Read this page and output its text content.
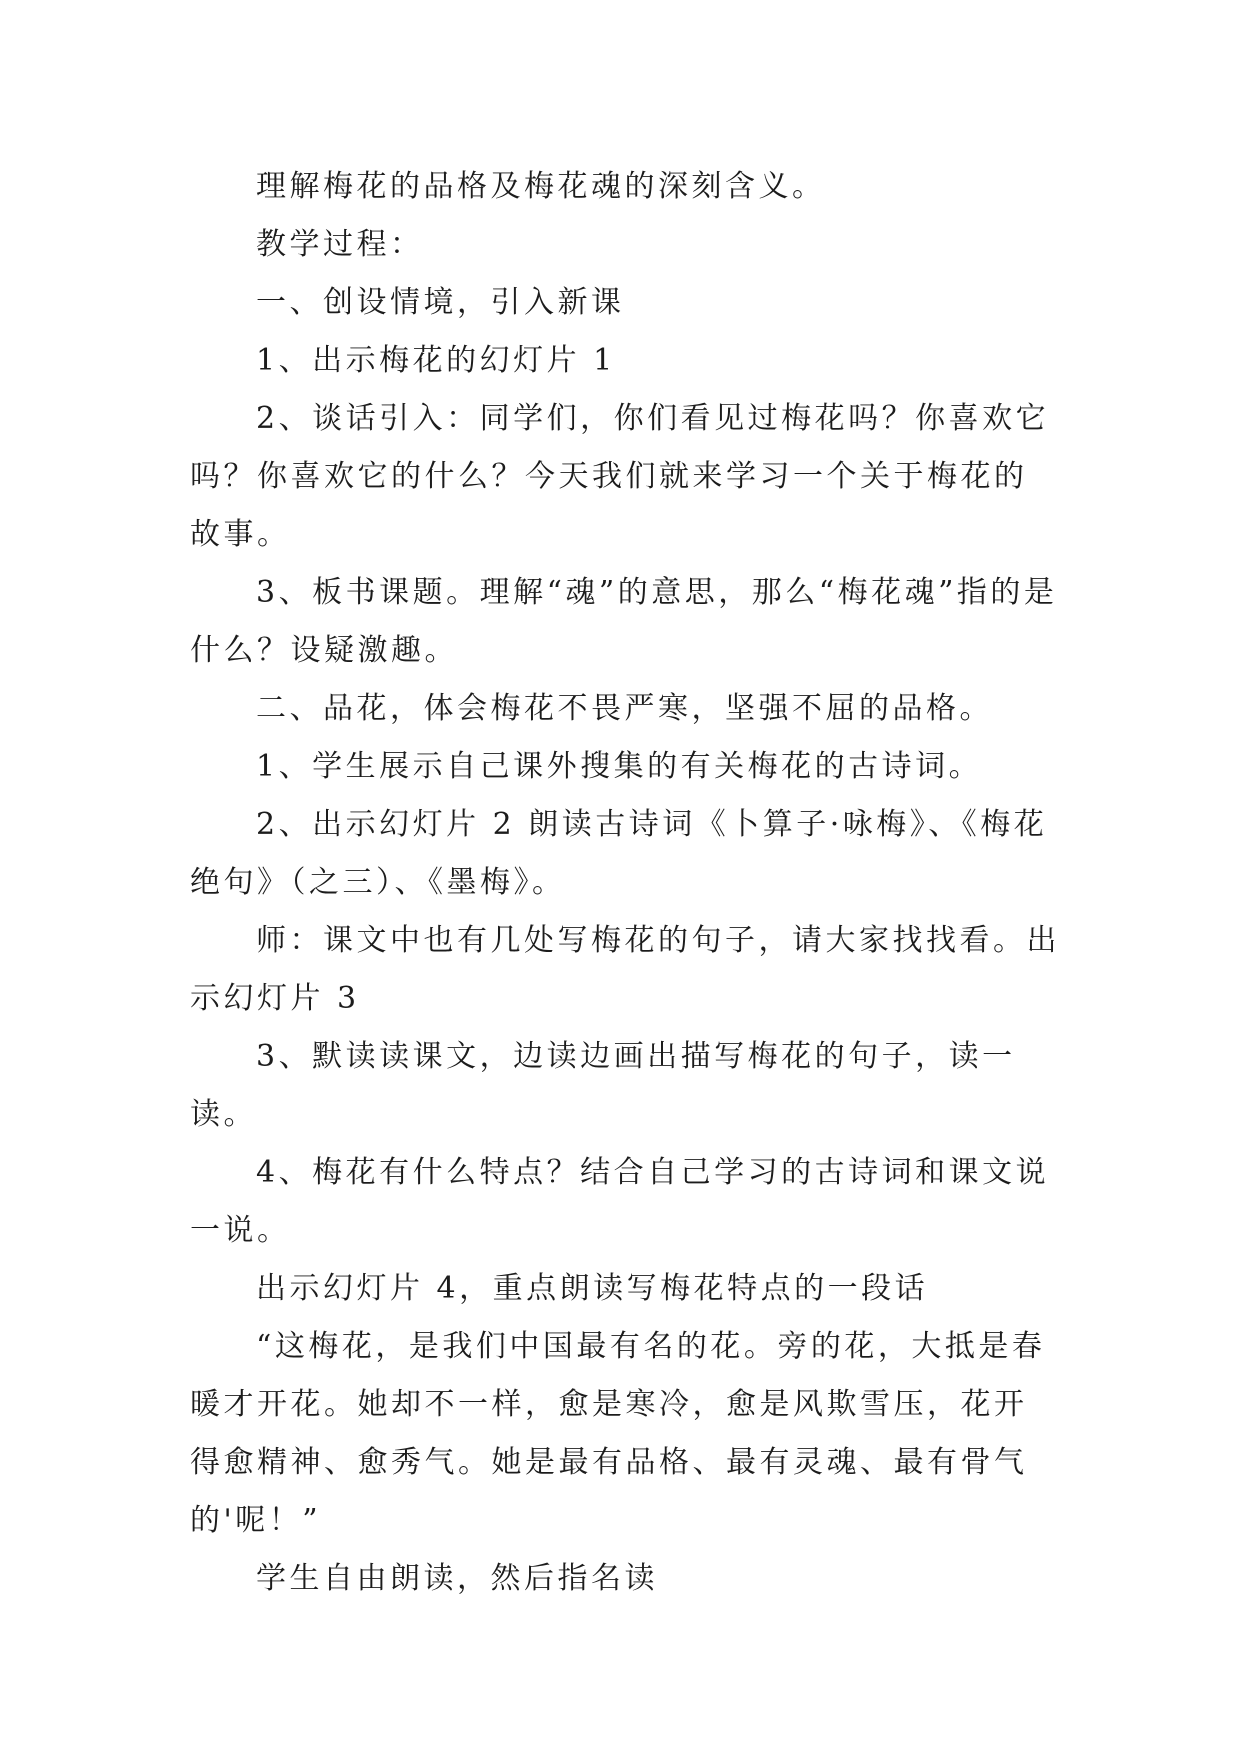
理解梅花的品格及梅花魂的深刻含义。

教学过程：

一、创设情境，引入新课

1、出示梅花的幻灯片 1

2、谈话引入：同学们，你们看见过梅花吗？你喜欢它吗？你喜欢它的什么？今天我们就来学习一个关于梅花的故事。

3、板书课题。理解“魂”的意思，那么“梅花魂”指的是什么？设疑激趣。

二、品花，体会梅花不畏严寒，坚强不屈的品格。

1、学生展示自己课外搜集的有关梅花的古诗词。

2、出示幻灯片 2 朗读古诗词《卜算子·咏梅》、《梅花绝句》（之三）、《墨梅》。

师：课文中也有几处写梅花的句子，请大家找找看。出示幻灯片 3

3、默读读课文，边读边画出描写梅花的句子，读一读。

4、梅花有什么特点？结合自己学习的古诗词和课文说一说。

出示幻灯片 4，重点朗读写梅花特点的一段话

“这梅花，是我们中国最有名的花。旁的花，大抵是春暖才开花。她却不一样，愈是寒冷，愈是风欺雪压，花开得愈精神、愈秀气。她是最有品格、最有灵魂、最有骨气的'呢！”

学生自由朗读，然后指名读
